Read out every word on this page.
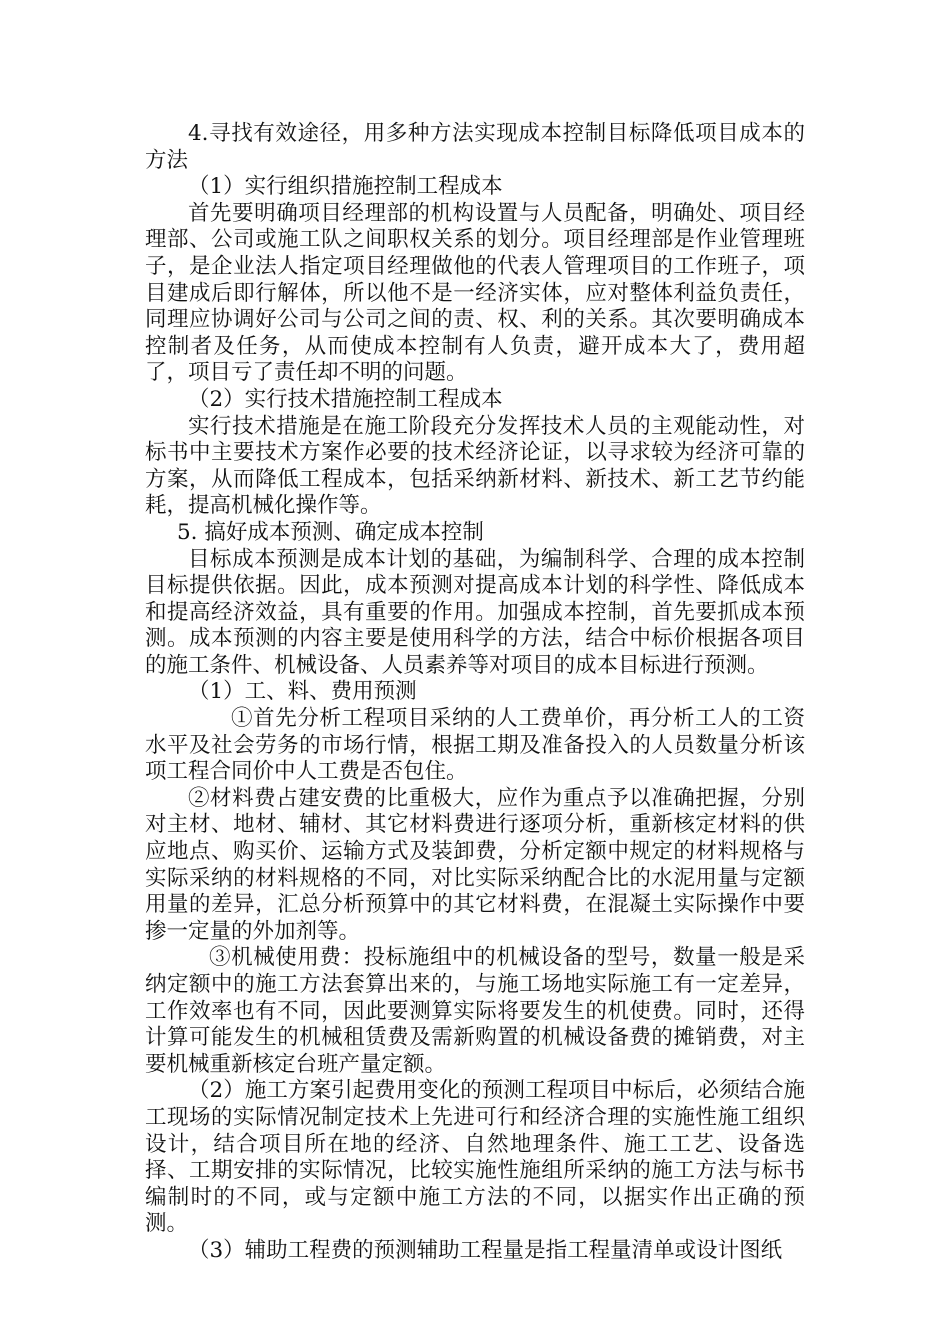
4.寻找有效途径，用多种方法实现成本控制目标降低项目成本的方法

（1）实行组织措施控制工程成本

首先要明确项目经理部的机构设置与人员配备，明确处、项目经理部、公司或施工队之间职权关系的划分。项目经理部是作业管理班子，是企业法人指定项目经理做他的代表人管理项目的工作班子，项目建成后即行解体，所以他不是一经济实体，应对整体利益负责任，同理应协调好公司与公司之间的责、权、利的关系。其次要明确成本控制者及任务，从而使成本控制有人负责，避开成本大了，费用超了，项目亏了责任却不明的问题。

（2）实行技术措施控制工程成本

实行技术措施是在施工阶段充分发挥技术人员的主观能动性，对标书中主要技术方案作必要的技术经济论证，以寻求较为经济可靠的方案，从而降低工程成本，包括采纳新材料、新技术、新工艺节约能耗，提高机械化操作等。

5. 搞好成本预测、确定成本控制

目标成本预测是成本计划的基础，为编制科学、合理的成本控制目标提供依据。因此，成本预测对提高成本计划的科学性、降低成本和提高经济效益，具有重要的作用。加强成本控制，首先要抓成本预测。成本预测的内容主要是使用科学的方法，结合中标价根据各项目的施工条件、机械设备、人员素养等对项目的成本目标进行预测。

（1）工、料、费用预测

①首先分析工程项目采纳的人工费单价，再分析工人的工资水平及社会劳务的市场行情，根据工期及准备投入的人员数量分析该项工程合同价中人工费是否包住。

②材料费占建安费的比重极大，应作为重点予以准确把握，分别对主材、地材、辅材、其它材料费进行逐项分析，重新核定材料的供应地点、购买价、运输方式及装卸费，分析定额中规定的材料规格与实际采纳的材料规格的不同，对比实际采纳配合比的水泥用量与定额用量的差异，汇总分析预算中的其它材料费，在混凝土实际操作中要掺一定量的外加剂等。

③机械使用费：投标施组中的机械设备的型号，数量一般是采纳定额中的施工方法套算出来的，与施工场地实际施工有一定差异，工作效率也有不同，因此要测算实际将要发生的机使费。同时，还得计算可能发生的机械租赁费及需新购置的机械设备费的摊销费，对主要机械重新核定台班产量定额。

（2）施工方案引起费用变化的预测工程项目中标后，必须结合施工现场的实际情况制定技术上先进可行和经济合理的实施性施工组织设计，结合项目所在地的经济、自然地理条件、施工工艺、设备选择、工期安排的实际情况，比较实施性施组所采纳的施工方法与标书编制时的不同，或与定额中施工方法的不同，以据实作出正确的预测。

（3）辅助工程费的预测辅助工程量是指工程量清单或设计图纸
